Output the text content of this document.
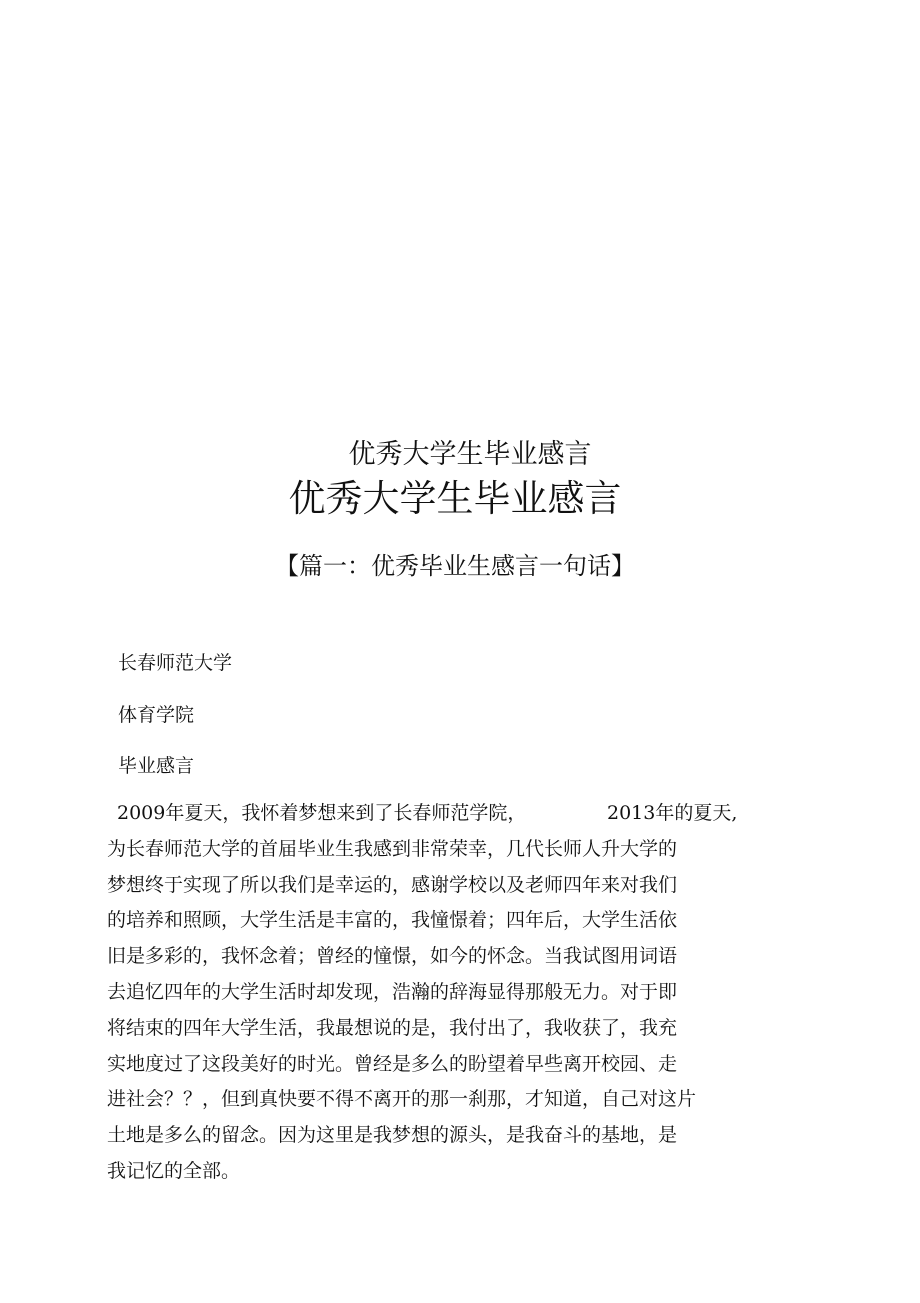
优秀大学生毕业感言
优秀大学生毕业感言
【篇一：优秀毕业生感言一句话】
长春师范大学
体育学院
毕业感言
2009年夏天，我怀着梦想来到了长春师范学院，	2013年的夏天,
为长春师范大学的首届毕业生我感到非常荣幸，几代长师人升大学的
梦想终于实现了所以我们是幸运的，感谢学校以及老师四年来对我们
的培养和照顾，大学生活是丰富的，我憧憬着；四年后，大学生活依
旧是多彩的，我怀念着；曾经的憧憬，如今的怀念。当我试图用词语
去追忆四年的大学生活时却发现，浩瀚的辞海显得那般无力。对于即
将结束的四年大学生活，我最想说的是，我付出了，我收获了，我充
实地度过了这段美好的时光。曾经是多么的盼望着早些离开校园、走
进社会？？，但到真快要不得不离开的那一刹那，才知道，自己对这片
土地是多么的留念。因为这里是我梦想的源头，是我奋斗的基地，是
我记忆的全部。
